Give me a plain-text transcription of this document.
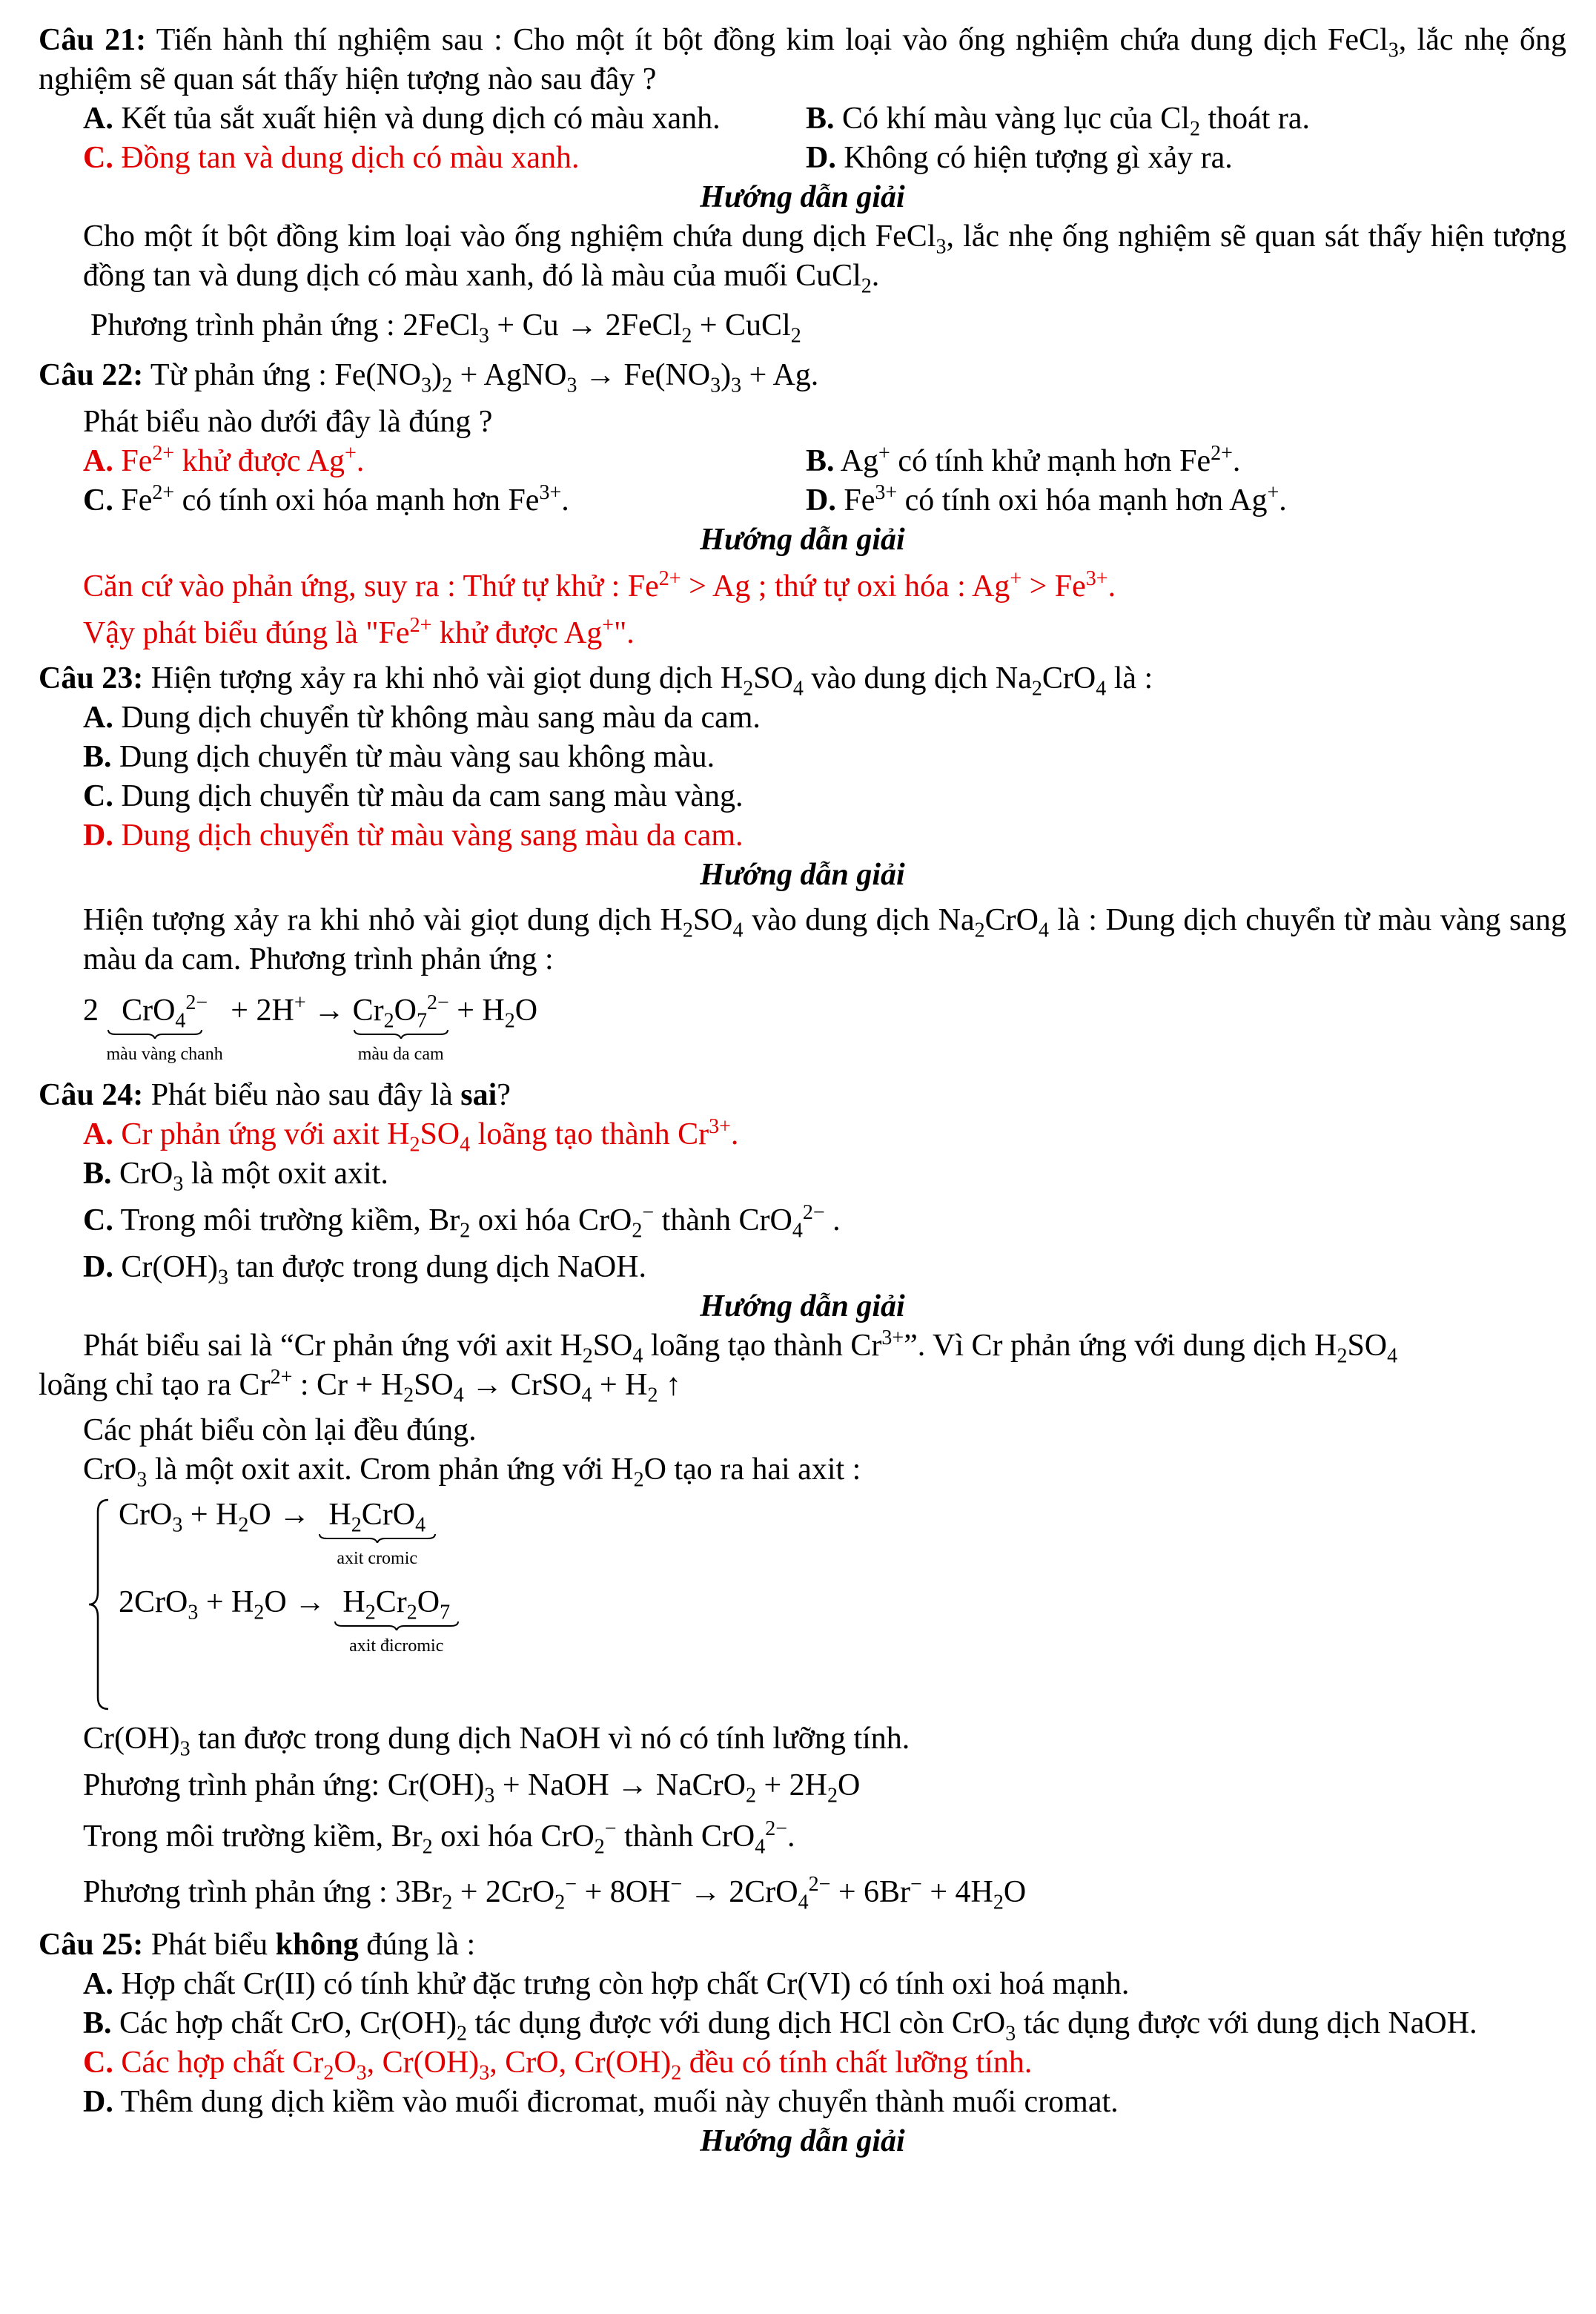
Câu 21: Tiến hành thí nghiệm sau : Cho một ít bột đồng kim loại vào ống nghiệm chứa dung dịch FeCl$_3$, lắc nhẹ ống nghiệm sẽ quan sát thấy hiện tượng nào sau đây ?

A. Kết tủa sắt xuất hiện và dung dịch có màu xanh.	B. Có khí màu vàng lục của $Cl_2$ thoát ra.
C. Đồng tan và dung dịch có màu xanh.	D. Không có hiện tượng gì xảy ra.

Hướng dẫn giải

Cho một ít bột đồng kim loại vào ống nghiệm chứa dung dịch FeCl$_3$, lắc nhẹ ống nghiệm sẽ quan sát thấy hiện tượng đồng tan và dung dịch có màu xanh, đó là màu của muối CuCl$_2$.

Phương trình phản ứng : 2FeCl$_3$ + Cu → 2FeCl$_2$ + CuCl$_2$

Câu 22: Từ phản ứng : $Fe(NO_3)_2$ + AgNO$_3$ → $Fe(NO_3)_3 + Ag$.

Phát biểu nào dưới đây là đúng ?

A. $Fe^{2+}$ khử được Ag+.	B. Ag+ có tính khử mạnh hơn $Fe^{2+}$.
C. $Fe^{2+}$ có tính oxi hóa mạnh hơn $Fe^{3+}$.	D. $Fe^{3+}$ có tính oxi hóa mạnh hơn Ag+.

Hướng dẫn giải

Căn cứ vào phản ứng, suy ra : Thứ tự khử : $Fe^{2+} > Ag$ ; thứ tự oxi hóa : $Ag^+ > Fe^{3+}$.

Vậy phát biểu đúng là "$Fe^{2+}$ khử được Ag+".

Câu 23: Hiện tượng xảy ra khi nhỏ vài giọt dung dịch $H_2SO_4$ vào dung dịch $Na_2CrO_4$ là :

A. Dung dịch chuyển từ không màu sang màu da cam.

B. Dung dịch chuyển từ màu vàng sau không màu.

C. Dung dịch chuyển từ màu da cam sang màu vàng.

D. Dung dịch chuyển từ màu vàng sang màu da cam.

Hướng dẫn giải

Hiện tượng xảy ra khi nhỏ vài giọt dung dịch $H_2SO_4$ vào dung dịch $Na_2CrO_4$ là : Dung dịch chuyển từ màu vàng sang màu da cam. Phương trình phản ứng :

2 CrO$_4^{2-}$
màu vàng chanh
+ $2H^+ \to Cr_2O_7^{2-}$
màu da cam
+ $H_2O$

Câu 24: Phát biểu nào sau đây là sai?

A. Cr phản ứng với axit $H_2SO_4$ loãng tạo thành $Cr^{3+}$.

B. CrO$_3$ là một oxit axit.

C. Trong môi trường kiềm, $Br_2$ oxi hóa CrO$_2$− thành CrO$_4^{2-}$ .

D. $Cr(OH)_3$ tan được trong dung dịch NaOH.

Hướng dẫn giải

Phát biểu sai là “Cr phản ứng với axit $H_2SO_4$ loãng tạo thành $Cr^{3+}$”. Vì Cr phản ứng với dung dịch $H_2SO_4$

loãng chỉ tạo ra $Cr^{2+}$ : $Cr + H_2SO_4$ → CrSO$_4$ + $H_2$ ↑

Các phát biểu còn lại đều đúng.

CrO$_3$ là một oxit axit. Crom phản ứng với $H_2O$ tạo ra hai axit :

$CrO_3 + H_2O \to H_2CrO_4$
axit cromic
$2CrO_3 + H_2O \to H_2Cr_2O_7$
axit đicromic

$Cr(OH)_3$ tan được trong dung dịch NaOH vì nó có tính lưỡng tính.

Phương trình phản ứng: $Cr(OH)_3$ + NaOH → NaCrO$_2$ + $2H_2O$

Trong môi trường kiềm, $Br_2$ oxi hóa CrO$_2$− thành CrO$_4^{2-}$.

Phương trình phản ứng : $3Br_2 + 2CrO_2^- + 8OH^- \to 2CrO_4^{2-} + 6Br^- + 4H_2O$

Câu 25: Phát biểu không đúng là :

A. Hợp chất Cr(II) có tính khử đặc trưng còn hợp chất Cr(VI) có tính oxi hoá mạnh.

B. Các hợp chất CrO, $Cr(OH)_2$ tác dụng được với dung dịch HCl còn CrO$_3$ tác dụng được với dung dịch NaOH.

C. Các hợp chất $Cr_2O_3$, $Cr(OH)_3$, CrO, $Cr(OH)_2$ đều có tính chất lưỡng tính.

D. Thêm dung dịch kiềm vào muối đicromat, muối này chuyển thành muối cromat.

Hướng dẫn giải
